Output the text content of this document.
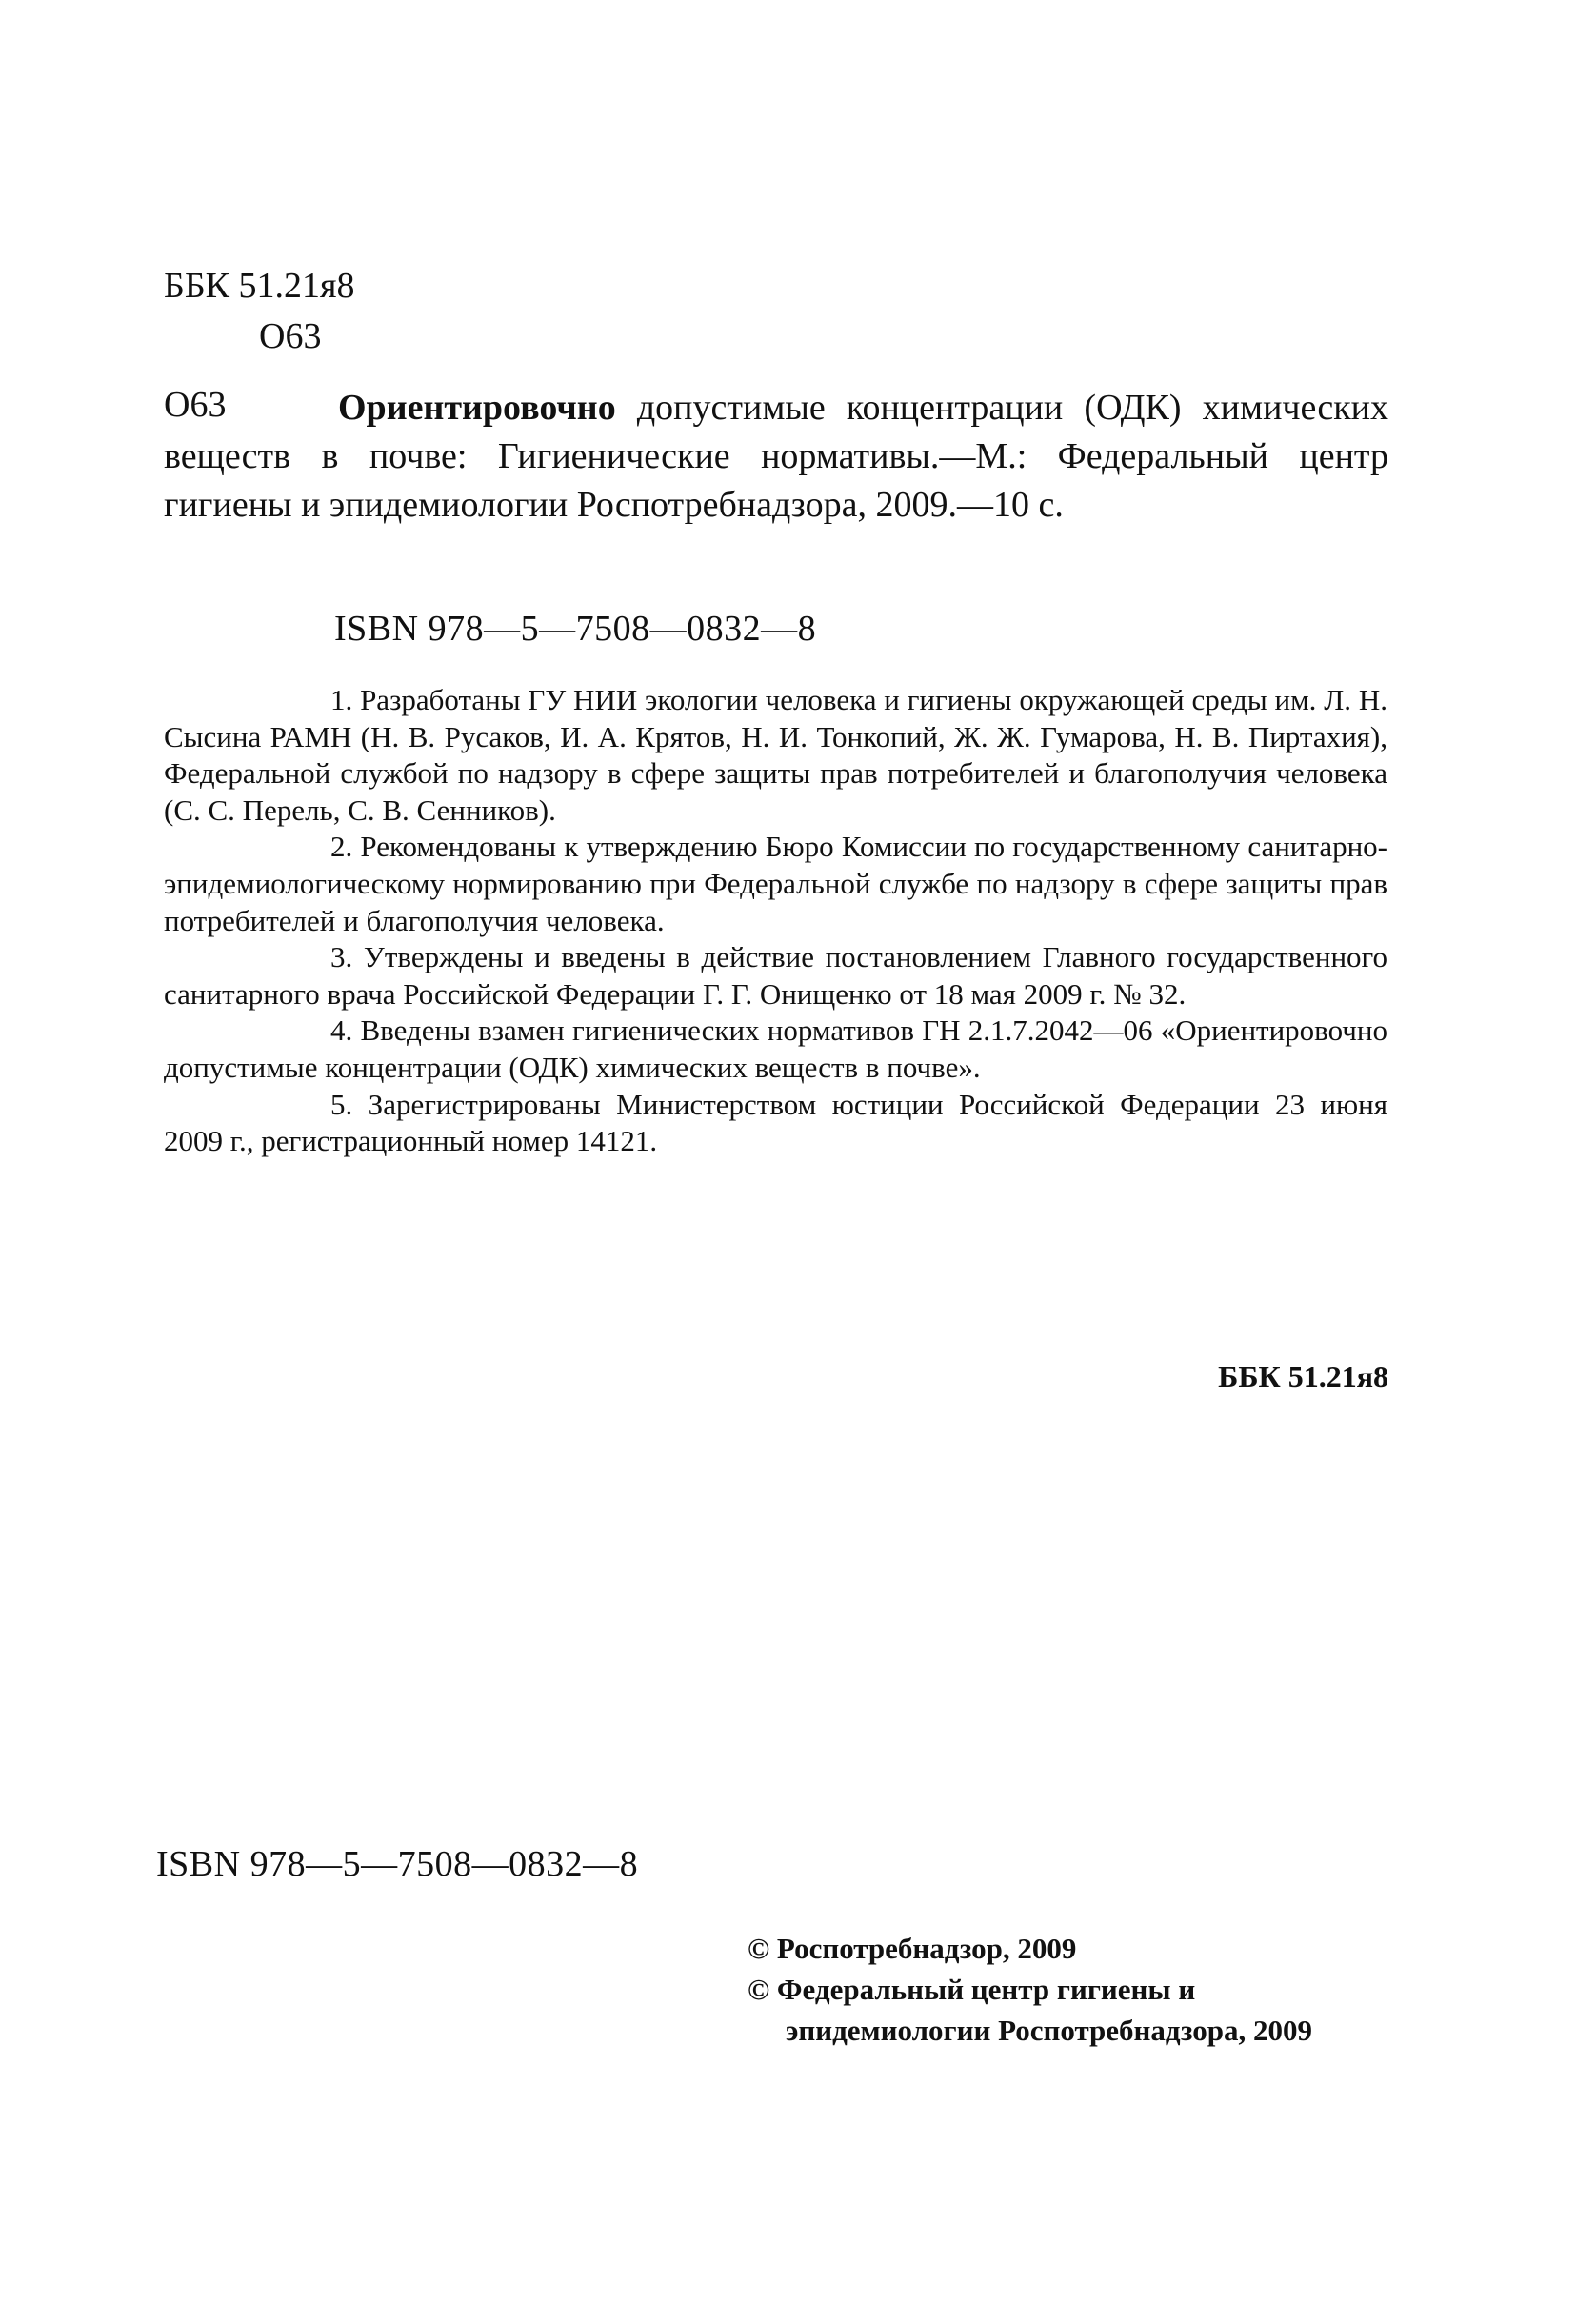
ББК 51.21я8
О63
О63	Ориентировочно допустимые концентрации (ОДК) химических веществ в почве: Гигиенические нормативы.—М.: Федеральный центр гигиены и эпидемиологии Роспотребнадзора, 2009.—10 с.
ISBN 978—5—7508—0832—8

1. Разработаны ГУ НИИ экологии человека и гигиены окружающей среды им. Л. Н. Сысина РАМН (Н. В. Русаков, И. А. Крятов, Н. И. Тонкопий, Ж. Ж. Гумарова, Н. В. Пиртахия), Федеральной службой по надзору в сфере защиты прав потребителей и благополучия человека (С. С. Перель, С. В. Сенников).

2. Рекомендованы к утверждению Бюро Комиссии по государственному санитарно-эпидемиологическому нормированию при Федеральной службе по надзору в сфере защиты прав потребителей и благополучия человека.

3. Утверждены и введены в действие постановлением Главного государственного санитарного врача Российской Федерации Г. Г. Онищенко от 18 мая 2009 г. № 32.

4. Введены взамен гигиенических нормативов ГН 2.1.7.2042—06 «Ориентировочно допустимые концентрации (ОДК) химических веществ в почве».

5. Зарегистрированы Министерством юстиции Российской Федерации 23 июня 2009 г., регистрационный номер 14121.

ББК 51.21я8
ISBN 978—5—7508—0832—8
© Роспотребнадзор, 2009
© Федеральный центр гигиены и
эпидемиологии Роспотребнадзора, 2009
